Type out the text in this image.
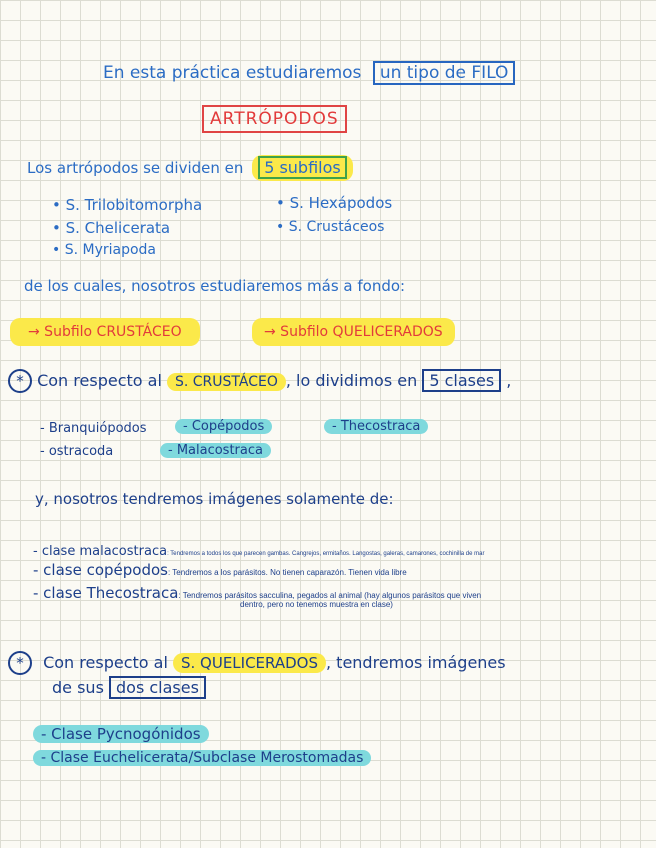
En esta práctica estudiaremos un tipo de FILO
ARTRÓPODOS
Los artrópodos se dividen en 5 subfilos
• S. Trilobitomorpha
• S. Chelicerata
• S. Myriapoda
• S. Hexápodos
• S. Crustáceos
de los cuales, nosotros estudiaremos más a fondo:
→ Subfilo CRUSTÁCEO	→ Subfilo QUELICERADOS
* Con respecto al S. CRUSTÁCEO , lo dividimos en 5 clases ,
- Branquiópodos	- Copépodos	- Thecostraca
- ostracoda	- Malacostraca
y, nosotros tendremos imágenes solamente de:
- clase malacostraca: Tendremos a todos los que parecen gambas. Cangrejos, ermitaños. Langostas, galeras, camarones, cochinilla de mar
- clase copépodos: Tendremos a los parásitos. No tienen caparazón. Tienen vida libre
- clase Thecostraca: Tendremos parásitos sacculina, pegados al animal (hay algunos parásitos que viven
dentro, pero no tenemos muestra en clase)
* Con respecto al S. QUELICERADOS , tendremos imágenes
de sus dos clases
- Clase Pycnogónidos
- Clase Euchelicerata/Subclase Merostomadas
